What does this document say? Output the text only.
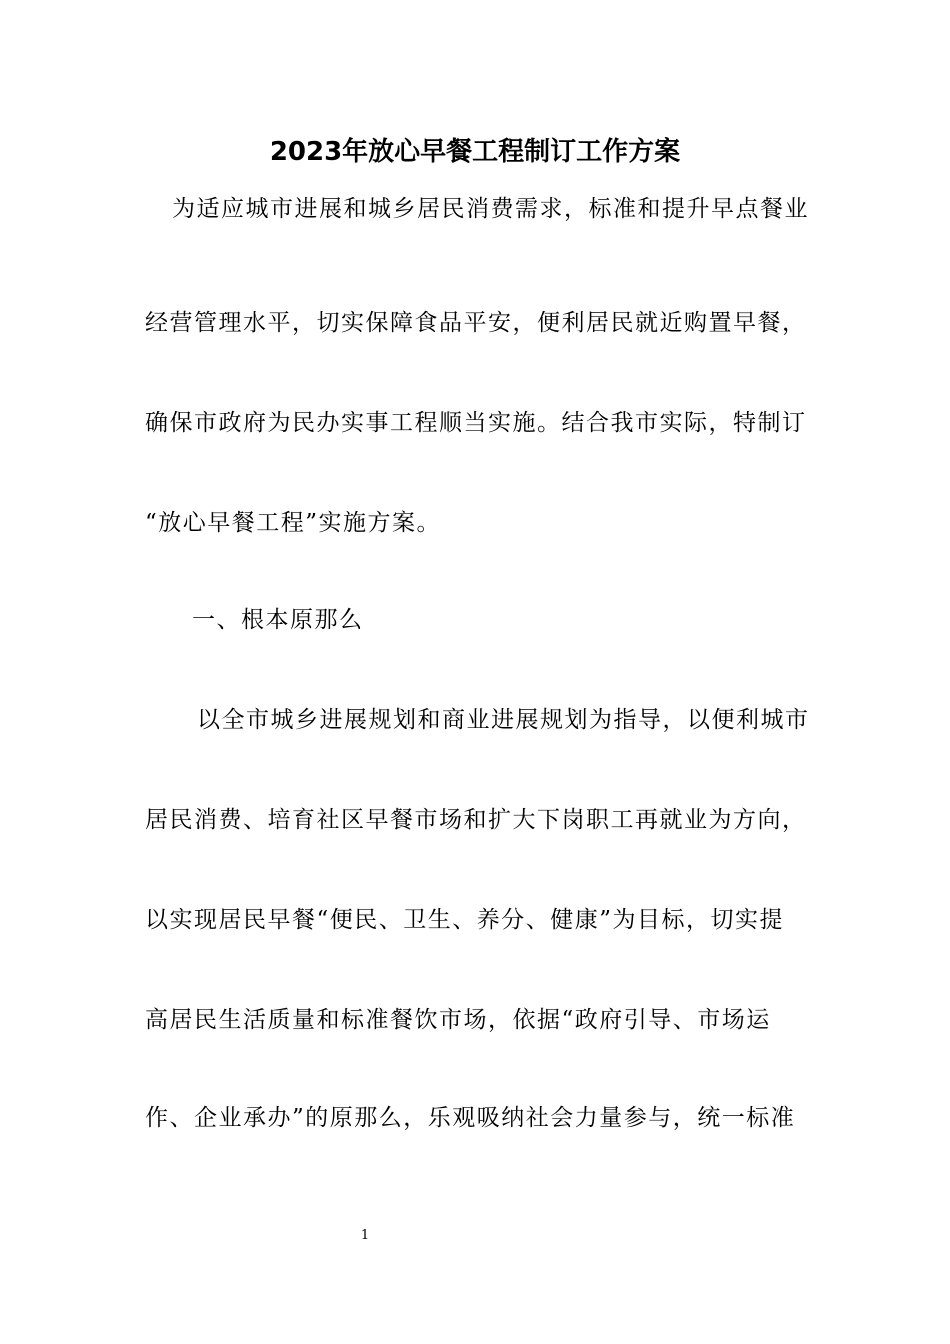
2023年放心早餐工程制订工作方案
为适应城市进展和城乡居民消费需求，标准和提升早点餐业
经营管理水平，切实保障食品平安，便利居民就近购置早餐，
确保市政府为民办实事工程顺当实施。结合我市实际，特制订
“放心早餐工程”实施方案。
一、根本原那么
以全市城乡进展规划和商业进展规划为指导，以便利城市
居民消费、培育社区早餐市场和扩大下岗职工再就业为方向，
以实现居民早餐“便民、卫生、养分、健康”为目标，切实提
高居民生活质量和标准餐饮市场，依据“政府引导、市场运
作、企业承办”的原那么，乐观吸纳社会力量参与，统一标准
1
